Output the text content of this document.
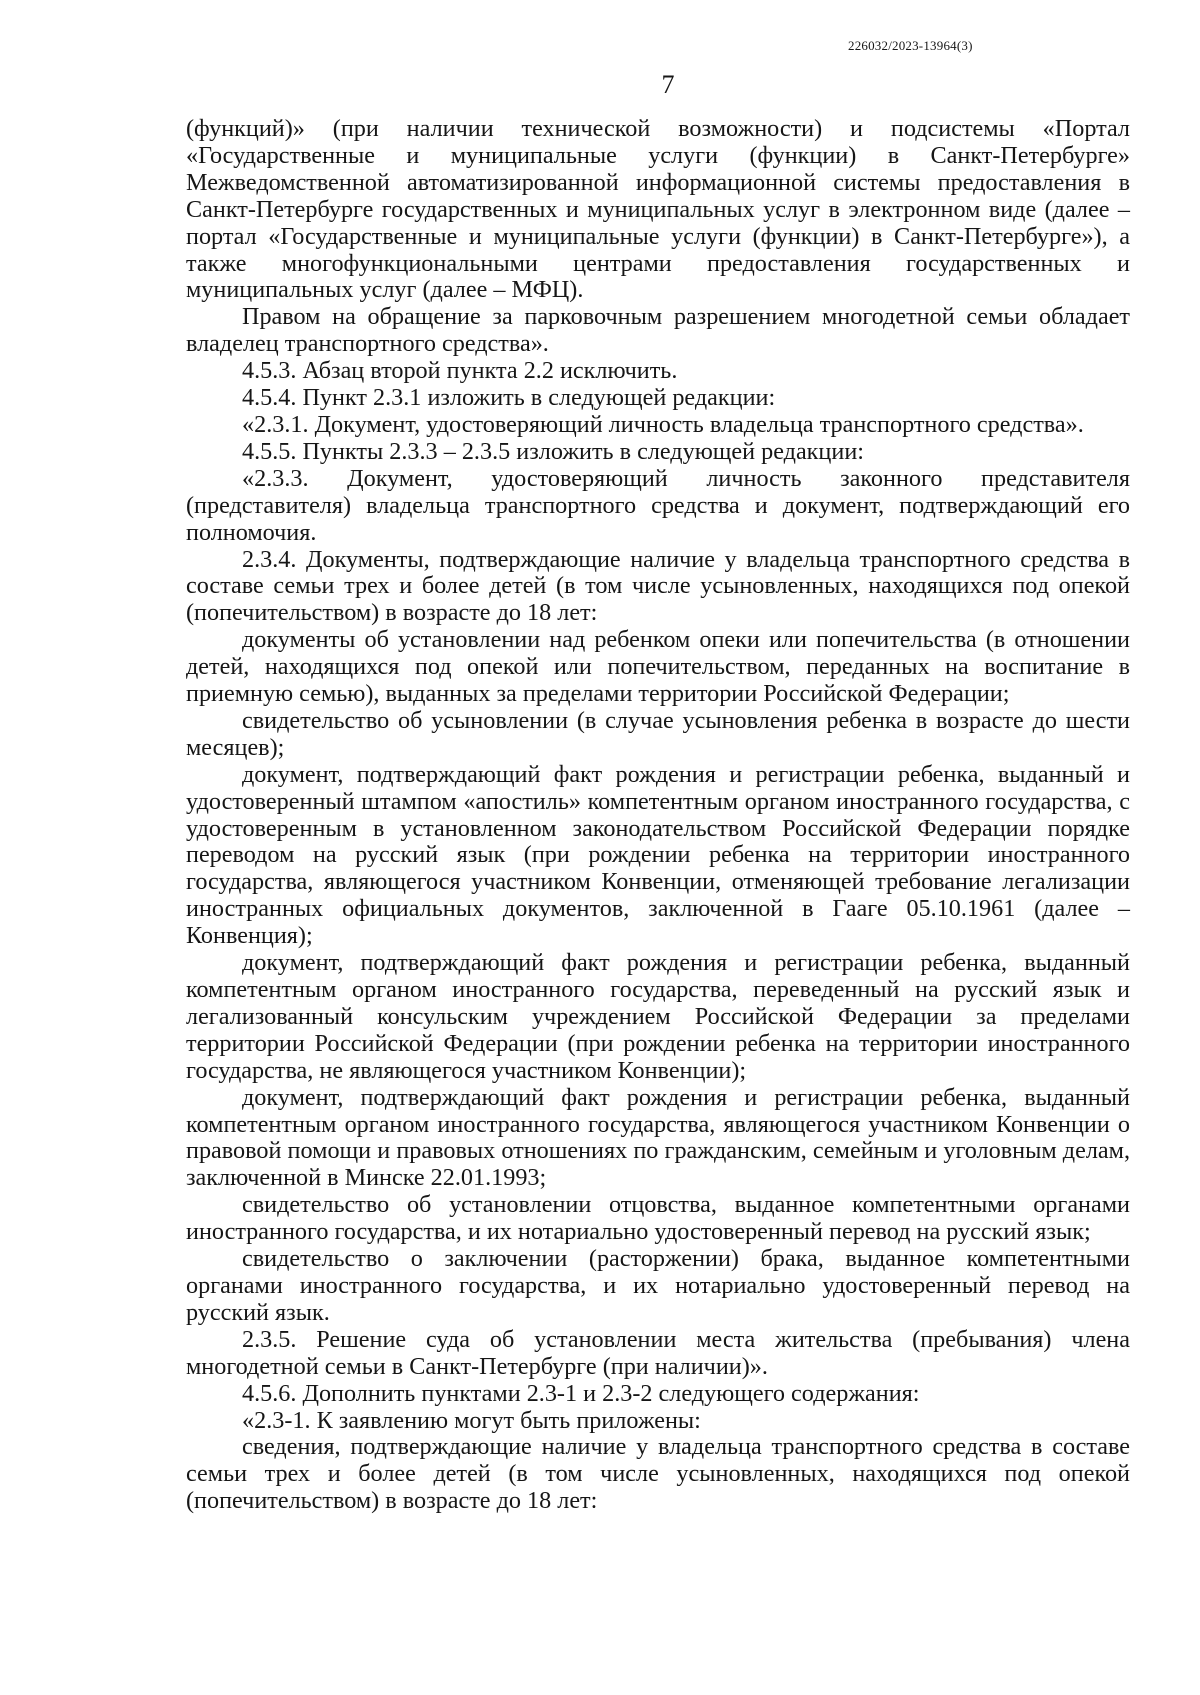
226032/2023-13964(3)
7

(функций)» (при наличии технической возможности) и подсистемы «Портал «Государственные и муниципальные услуги (функции) в Санкт-Петербурге» Межведомственной автоматизированной информационной системы предоставления в Санкт-Петербурге государственных и муниципальных услуг в электронном виде (далее – портал «Государственные и муниципальные услуги (функции) в Санкт-Петербурге»), а также многофункциональными центрами предоставления государственных и муниципальных услуг (далее – МФЦ).

Правом на обращение за парковочным разрешением многодетной семьи обладает владелец транспортного средства».

4.5.3. Абзац второй пункта 2.2 исключить.

4.5.4. Пункт 2.3.1 изложить в следующей редакции:

«2.3.1. Документ, удостоверяющий личность владельца транспортного средства».

4.5.5. Пункты 2.3.3 – 2.3.5 изложить в следующей редакции:

«2.3.3. Документ, удостоверяющий личность законного представителя (представителя) владельца транспортного средства и документ, подтверждающий его полномочия.

2.3.4. Документы, подтверждающие наличие у владельца транспортного средства в составе семьи трех и более детей (в том числе усыновленных, находящихся под опекой (попечительством) в возрасте до 18 лет:

документы об установлении над ребенком опеки или попечительства (в отношении детей, находящихся под опекой или попечительством, переданных на воспитание в приемную семью), выданных за пределами территории Российской Федерации;

свидетельство об усыновлении (в случае усыновления ребенка в возрасте до шести месяцев);

документ, подтверждающий факт рождения и регистрации ребенка, выданный и удостоверенный штампом «апостиль» компетентным органом иностранного государства, с удостоверенным в установленном законодательством Российской Федерации порядке переводом на русский язык (при рождении ребенка на территории иностранного государства, являющегося участником Конвенции, отменяющей требование легализации иностранных официальных документов, заключенной в Гааге 05.10.1961 (далее – Конвенция);

документ, подтверждающий факт рождения и регистрации ребенка, выданный компетентным органом иностранного государства, переведенный на русский язык и легализованный консульским учреждением Российской Федерации за пределами территории Российской Федерации (при рождении ребенка на территории иностранного государства, не являющегося участником Конвенции);

документ, подтверждающий факт рождения и регистрации ребенка, выданный компетентным органом иностранного государства, являющегося участником Конвенции о правовой помощи и правовых отношениях по гражданским, семейным и уголовным делам, заключенной в Минске 22.01.1993;

свидетельство об установлении отцовства, выданное компетентными органами иностранного государства, и их нотариально удостоверенный перевод на русский язык;

свидетельство о заключении (расторжении) брака, выданное компетентными органами иностранного государства, и их нотариально удостоверенный перевод на русский язык.

2.3.5. Решение суда об установлении места жительства (пребывания) члена многодетной семьи в Санкт-Петербурге (при наличии)».

4.5.6. Дополнить пунктами 2.3-1 и 2.3-2 следующего содержания:

«2.3-1. К заявлению могут быть приложены:

сведения, подтверждающие наличие у владельца транспортного средства в составе семьи трех и более детей (в том числе усыновленных, находящихся под опекой (попечительством) в возрасте до 18 лет:
